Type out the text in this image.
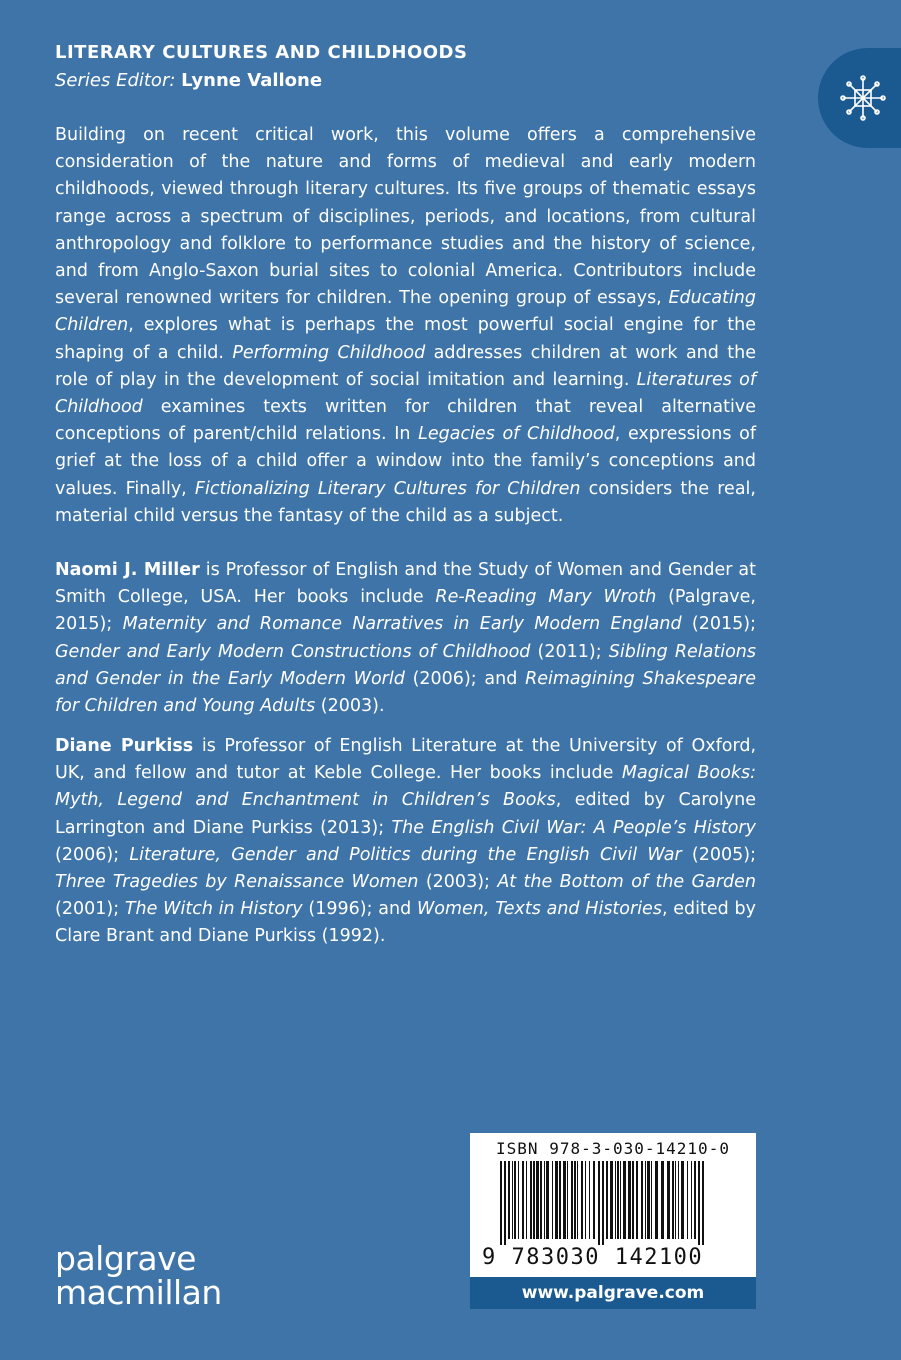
LITERARY CULTURES AND CHILDHOODS
Series Editor: Lynne Vallone

Building on recent critical work, this volume offers a comprehensive consideration of the nature and forms of medieval and early modern childhoods, viewed through literary cultures. Its five groups of thematic essays range across a spectrum of disciplines, periods, and locations, from cultural anthropology and folklore to performance studies and the history of science, and from Anglo-Saxon burial sites to colonial America. Contributors include several renowned writers for children. The opening group of essays, Educating Children, explores what is perhaps the most powerful social engine for the shaping of a child. Performing Childhood addresses children at work and the role of play in the development of social imitation and learning. Literatures of Childhood examines texts written for children that reveal alternative conceptions of parent/child relations. In Legacies of Childhood, expressions of grief at the loss of a child offer a window into the family’s conceptions and values. Finally, Fictionalizing Literary Cultures for Children considers the real, material child versus the fantasy of the child as a subject.

Naomi J. Miller is Professor of English and the Study of Women and Gender at Smith College, USA. Her books include Re-Reading Mary Wroth (Palgrave, 2015); Maternity and Romance Narratives in Early Modern England (2015); Gender and Early Modern Constructions of Childhood (2011); Sibling Relations and Gender in the Early Modern World (2006); and Reimagining Shakespeare for Children and Young Adults (2003).

Diane Purkiss is Professor of English Literature at the University of Oxford, UK, and fellow and tutor at Keble College. Her books include Magical Books: Myth, Legend and Enchantment in Children’s Books, edited by Carolyne Larrington and Diane Purkiss (2013); The English Civil War: A People’s History (2006); Literature, Gender and Politics during the English Civil War (2005); Three Tragedies by Renaissance Women (2003); At the Bottom of the Garden (2001); The Witch in History (1996); and Women, Texts and Histories, edited by Clare Brant and Diane Purkiss (1992).

palgrave
macmillan
ISBN 978-3-030-14210-0
9 783030 142100
www.palgrave.com
